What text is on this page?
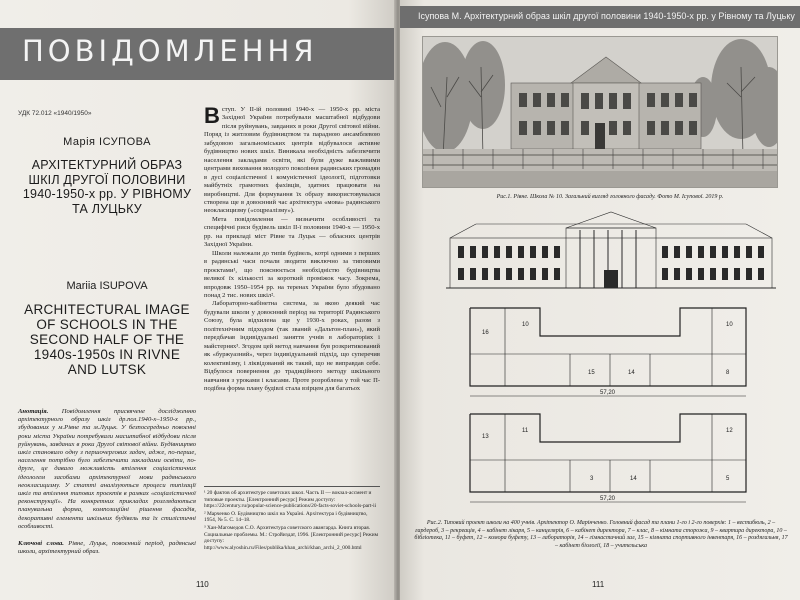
ПОВІДОМЛЕННЯ
УДК 72.012 «1940/1950»
Марія ІСУПОВА
АРХІТЕКТУРНИЙ ОБРАЗ ШКІЛ ДРУГОЇ ПОЛОВИНИ 1940-1950-х рр. У РІВНОМУ ТА ЛУЦЬКУ
Mariia ISUPOVA
ARCHITECTURAL IMAGE OF SCHOOLS IN THE SECOND HALF OF THE 1940s-1950s IN RIVNE AND LUTSK
Анотація. Повідомлення присвячене дослідженню архітектурного образу шкіл др.пол.1940-х–1950-х рр., збудованих у м.Рівне та м.Луцьк. У безпосередньо повоєнні роки міста України потребували масштабної відбудови після руйнувань, завданих в роки Другої світової війни. Будівництво шкіл становило одну з першочергових задач, адже, по-перше, населення потрібно було забезпечити закладами освіти, по-друге, це давало можливість втілення соціалістичних ідеологем засобами архітектурної мови радянського неокласицизму. У статті аналізуються процеси типізації шкіл та втілення типових проєктів в рамках «соціалістичної реконструкції». На конкретних прикладах розглядаються планувальна форма, композиційні рішення фасадів, декоративні елементи шкільних будівель та їх стилістичні особливості.
Ключові слова. Рівне, Луцьк, повоєнний період, радянські школи, архітектурний образ.

Вступ. У ІІ-ій половині 1940-х — 1950-х рр. міста Західної України потребували масштабної відбудови після руйнувань, завданих в роки Другої світової війни. Поряд із житловим будівництвом та парадною ансамблевою забудовою загальноміських центрів відбувалося активне будівництво нових шкіл. Виникала необхідність забезпечити населення закладами освіти, які були дуже важливими центрами виховання молодого покоління радянських громадян в дусі соціалістичної і комуністичної ідеології, підготовки майбутніх грамотних фахівців, здатних працювати на виробництві. Для формування їх образу використовувалася створена ще в довоєнний час архітектура «мова» радянського неокласицизму («соцреалізму»).

Мета повідомлення — визначити особливості та специфічні риси будівель шкіл ІІ-ї половини 1940-х — 1950-х рр. на прикладі міст Рівне та Луцьк — обласних центрів Західної України.

Школи належали до типів будівель, котрі одними з перших в радянські часи почали зводити виключно за типовими проєктами¹, що пояснюється необхідністю будівництва великої їх кількості за короткий проміжок часу. Зокрема, впродовж 1950–1954 рр. на теренах України було збудовано понад 2 тис. нових шкіл².

Лабораторно-кабінетна система, за якою деякий час будували школи у довоєнний період на території Радянського Союзу, була відхилена ще у 1930-х роках, разом з політехнічним підходом (так званий «Дальтон-план»), який передбачав індивідуальні заняття учнів в лабораторіях і майстернях³. Згодом цей метод навчання був розкритикований як «буржуазний», через індивідуальний підхід, що суперечив колективізму, і ліквідований як такий, що не виправдав себе. Відбулося повернення до традиційного методу шкільного навчання з уроками і класами. Проте розроблена у той час П-подібна форма плану будівлі стала взірцем для багатьох

¹ 20 фактов об архитектуре советских школ. Часть II — вокзал-ассмент и типовые проекты. [Електронний ресурс] Режим доступу: https://22century.ru/popular-science-publications/20-facts-soviet-schools-part-ii
² Марченко О. Будівництво шкіл на Україні. Архітектура і будівництво, 1954, № 5. С. 14–18.
³ Хан-Магомедов С.О. Архитектура советского авангарда. Книга вторая. Социальные проблемы. М.: Стройиздат, 1996. [Електронний ресурс] Режим доступу: http://www.alyoshin.ru/Files/publika/khan_archi/khan_archi_2_000.html
110
Ісупова М. Архітектурний образ шкіл другої половини 1940-1950-х рр. у Рівному та Луцьку
Рис.1. Рівне. Школа № 10. Загальний вигляд головного фасаду. Фото М. Ісупової. 2019 р.
57,20
57,20
16
10	10
15	14	8
13
11	12
3	14	5
Рис.2. Типовий проект школи на 400 учнів. Архітектор О. Марінченко. Головний фасад та плани 1-го і 2-го поверхів: 1 – вестибюль, 2 – гардероб, 3 – рекреація, 4 – кабінет лікаря, 5 – канцелярія, 6 – кабінет директора, 7 – клас, 8 – кімната сторожа, 9 – квартира директора, 10 – бібліотека, 11 – буфет, 12 – комора буфету, 13 – лабораторія, 14 – гімнастичний зал, 15 – кімната спортивного інвентаря, 16 – роздягальня, 17 – кабінет біології, 18 – учительська
111
